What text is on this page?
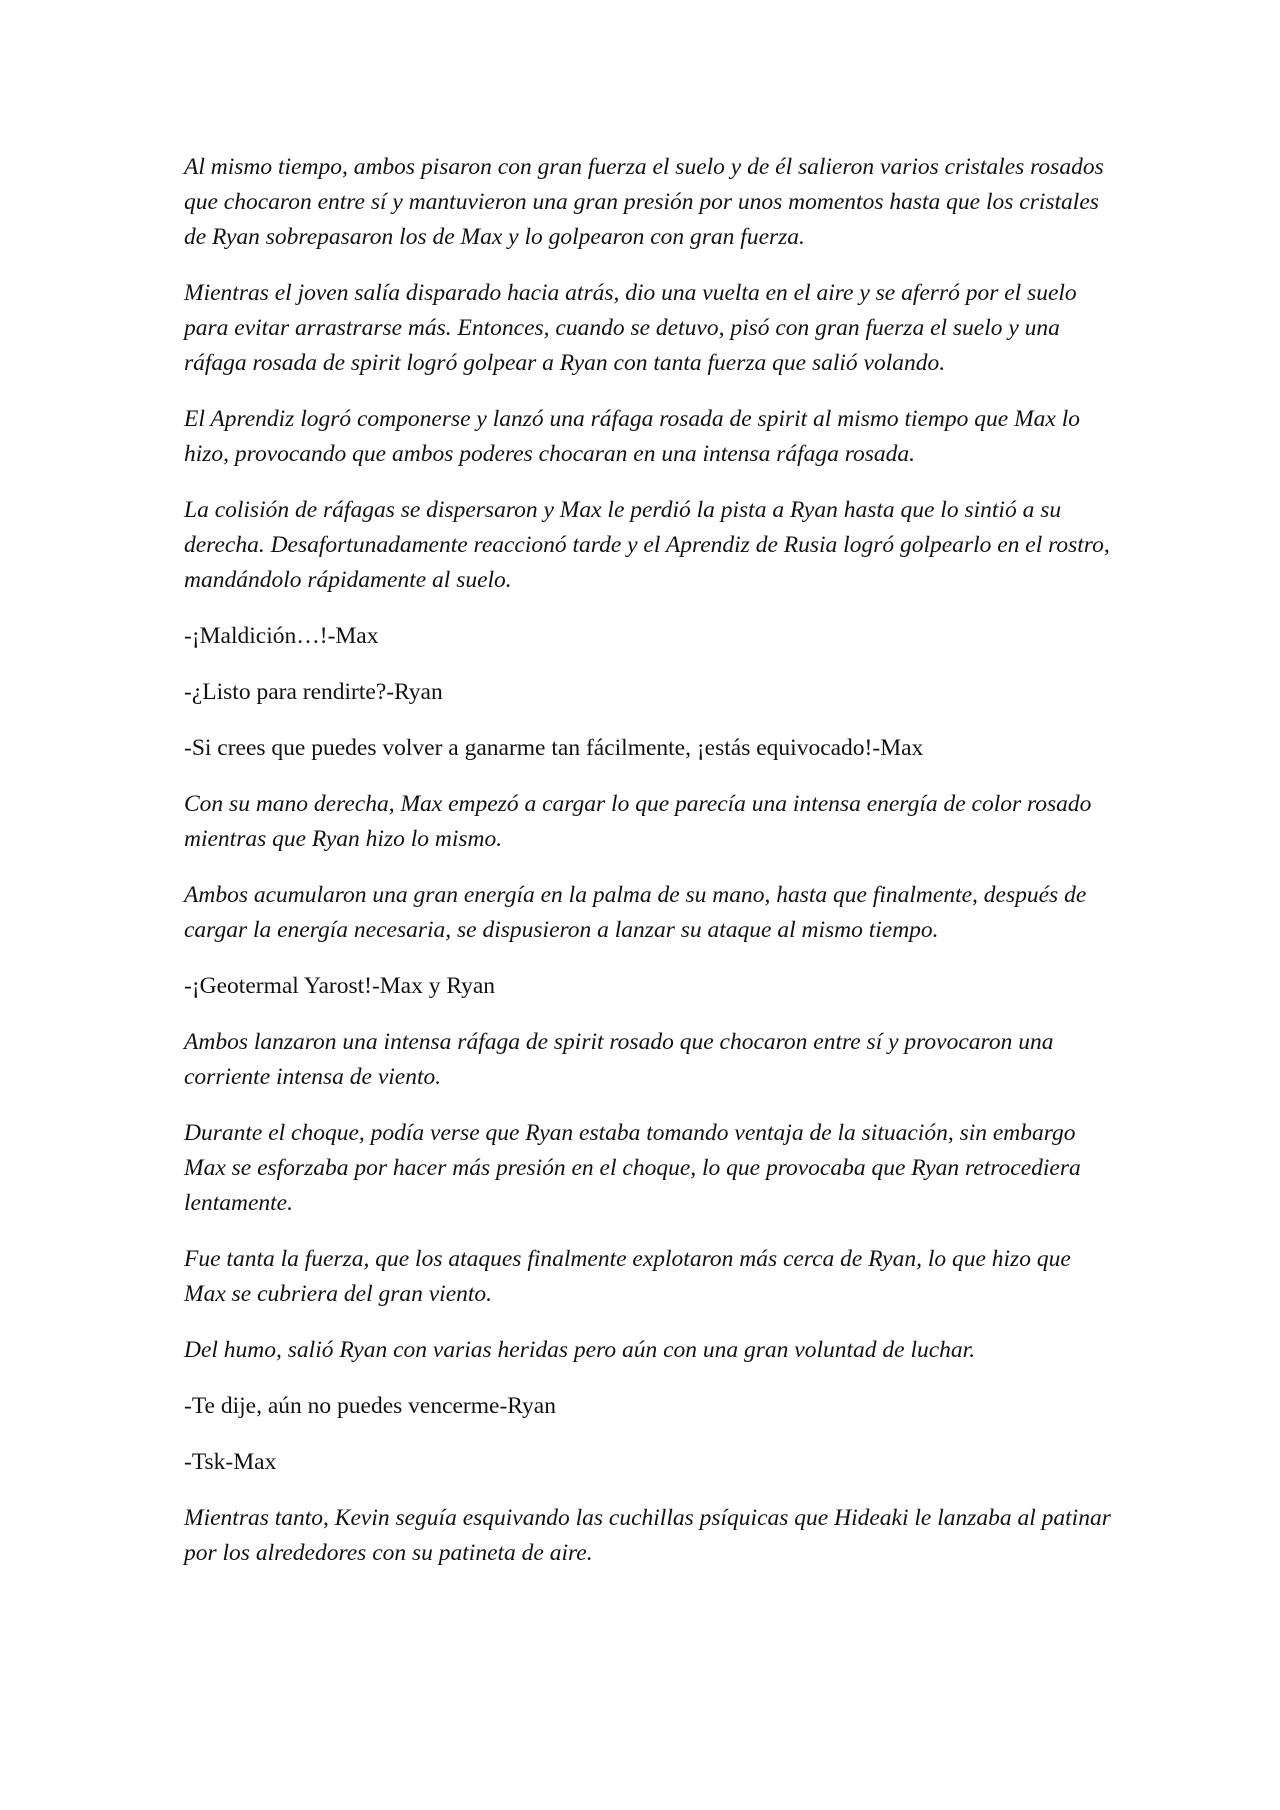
Al mismo tiempo, ambos pisaron con gran fuerza el suelo y de él salieron varios cristales rosados que chocaron entre sí y mantuvieron una gran presión por unos momentos hasta que los cristales de Ryan sobrepasaron los de Max y lo golpearon con gran fuerza.

Mientras el joven salía disparado hacia atrás, dio una vuelta en el aire y se aferró por el suelo para evitar arrastrarse más. Entonces, cuando se detuvo, pisó con gran fuerza el suelo y una ráfaga rosada de spirit logró golpear a Ryan con tanta fuerza que salió volando.

El Aprendiz logró componerse y lanzó una ráfaga rosada de spirit al mismo tiempo que Max lo hizo, provocando que ambos poderes chocaran en una intensa ráfaga rosada.

La colisión de ráfagas se dispersaron y Max le perdió la pista a Ryan hasta que lo sintió a su derecha. Desafortunadamente reaccionó tarde y el Aprendiz de Rusia logró golpearlo en el rostro, mandándolo rápidamente al suelo.

-¡Maldición…!-Max

-¿Listo para rendirte?-Ryan

-Si crees que puedes volver a ganarme tan fácilmente, ¡estás equivocado!-Max

Con su mano derecha, Max empezó a cargar lo que parecía una intensa energía de color rosado mientras que Ryan hizo lo mismo.

Ambos acumularon una gran energía en la palma de su mano, hasta que finalmente, después de cargar la energía necesaria, se dispusieron a lanzar su ataque al mismo tiempo.

-¡Geotermal Yarost!-Max y Ryan

Ambos lanzaron una intensa ráfaga de spirit rosado que chocaron entre sí y provocaron una corriente intensa de viento.

Durante el choque, podía verse que Ryan estaba tomando ventaja de la situación, sin embargo Max se esforzaba por hacer más presión en el choque, lo que provocaba que Ryan retrocediera lentamente.

Fue tanta la fuerza, que los ataques finalmente explotaron más cerca de Ryan, lo que hizo que Max se cubriera del gran viento.

Del humo, salió Ryan con varias heridas pero aún con una gran voluntad de luchar.

-Te dije, aún no puedes vencerme-Ryan

-Tsk-Max

Mientras tanto, Kevin seguía esquivando las cuchillas psíquicas que Hideaki le lanzaba al patinar por los alrededores con su patineta de aire.
